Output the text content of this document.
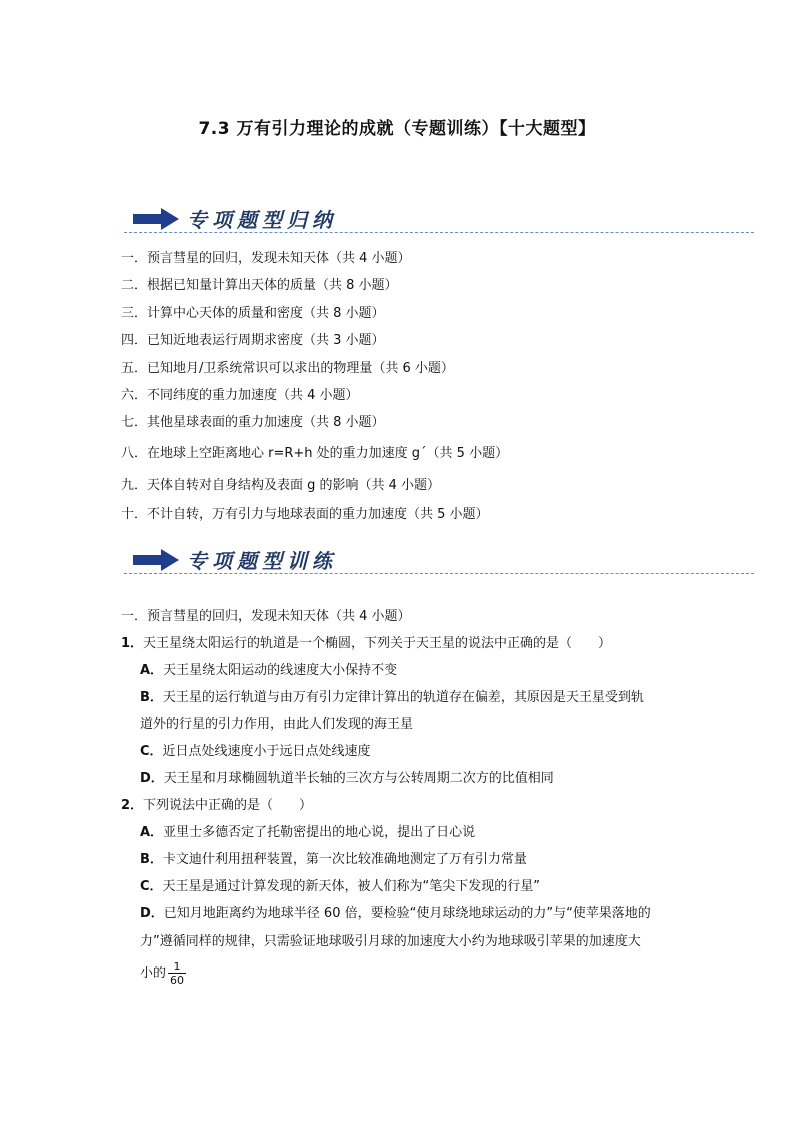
7.3 万有引力理论的成就（专题训练）【十大题型】
专项题型归纳
一．预言彗星的回归，发现未知天体（共 4 小题）
二．根据已知量计算出天体的质量（共 8 小题）
三．计算中心天体的质量和密度（共 8 小题）
四．已知近地表运行周期求密度（共 3 小题）
五．已知地月/卫系统常识可以求出的物理量（共 6 小题）
六．不同纬度的重力加速度（共 4 小题）
七．其他星球表面的重力加速度（共 8 小题）
八．在地球上空距离地心 r=R+h 处的重力加速度 g´（共 5 小题）
九．天体自转对自身结构及表面 g 的影响（共 4 小题）
十．不计自转，万有引力与地球表面的重力加速度（共 5 小题）
专项题型训练
一．预言彗星的回归，发现未知天体（共 4 小题）
1．天王星绕太阳运行的轨道是一个椭圆，下列关于天王星的说法中正确的是（　　）
A．天王星绕太阳运动的线速度大小保持不变
B．天王星的运行轨道与由万有引力定律计算出的轨道存在偏差，其原因是天王星受到轨
道外的行星的引力作用，由此人们发现的海王星
C．近日点处线速度小于远日点处线速度
D．天王星和月球椭圆轨道半长轴的三次方与公转周期二次方的比值相同
2．下列说法中正确的是（　　）
A．亚里士多德否定了托勒密提出的地心说，提出了日心说
B．卡文迪什利用扭秤装置，第一次比较准确地测定了万有引力常量
C．天王星是通过计算发现的新天体，被人们称为“笔尖下发现的行星”
D．已知月地距离约为地球半径 60 倍，要检验“使月球绕地球运动的力”与“使苹果落地的
力”遵循同样的规律，只需验证地球吸引月球的加速度大小约为地球吸引苹果的加速度大
小的 $\frac{1}{60}$
